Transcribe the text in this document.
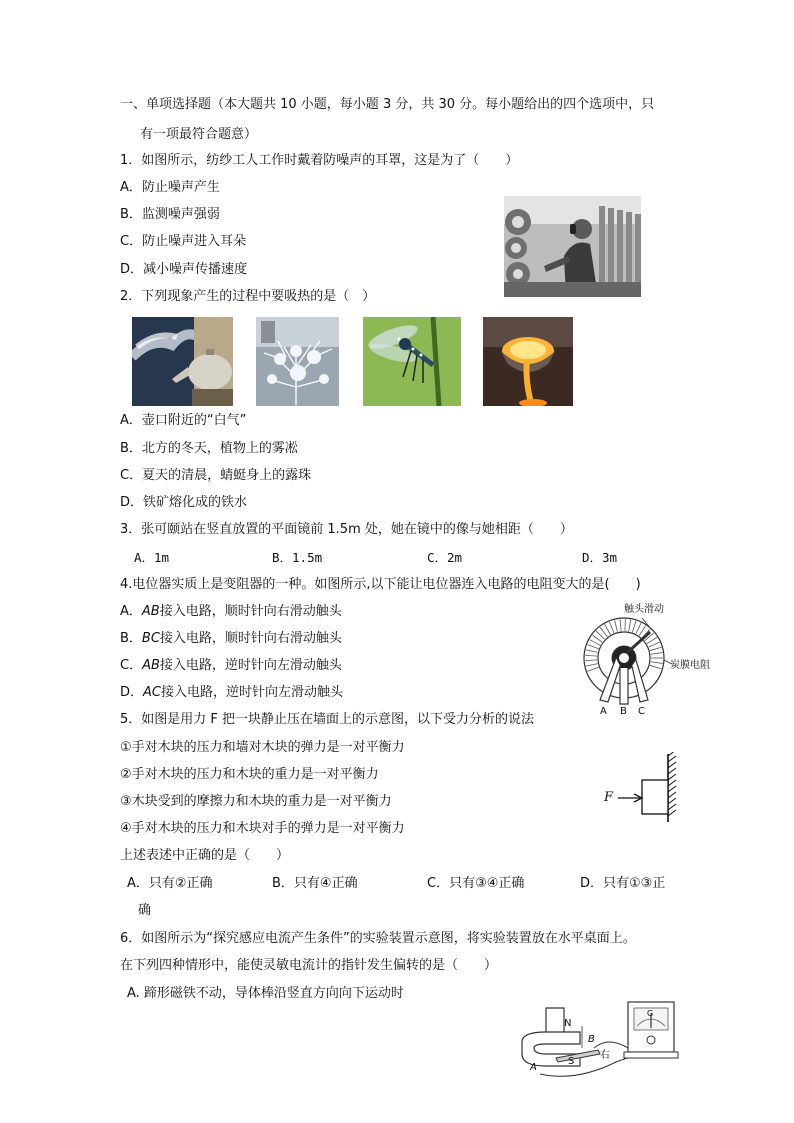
一、单项选择题（本大题共 10 小题，每小题 3 分，共 30 分。每小题给出的四个选项中，只
有一项最符合题意）
1．如图所示，纺纱工人工作时戴着防噪声的耳罩，这是为了（　　）
A．防止噪声产生
B．监测噪声强弱
C．防止噪声进入耳朵
D．减小噪声传播速度
2．下列现象产生的过程中要吸热的是（　）
A．壶口附近的“白气”
B．北方的冬天，植物上的雾凇
C．夏天的清晨，蜻蜓身上的露珠
D．铁矿熔化成的铁水
3．张可颐站在竖直放置的平面镜前 1.5m 处，她在镜中的像与她相距（　　）
A．1m	B．1.5m	C．2m	D．3m
4.电位器实质上是变阻器的一种。如图所示,以下能让电位器连入电路的电阻变大的是(　　)
A．AB接入电路，顺时针向右滑动触头
B．BC接入电路，顺时针向右滑动触头
C．AB接入电路，逆时针向左滑动触头
D．AC接入电路，逆时针向左滑动触头
触头滑动
炭膜电阻
A B C
5．如图是用力 F 把一块静止压在墙面上的示意图，以下受力分析的说法
①手对木块的压力和墙对木块的弹力是一对平衡力
②手对木块的压力和木块的重力是一对平衡力
③木块受到的摩擦力和木块的重力是一对平衡力
④手对木块的压力和木块对手的弹力是一对平衡力
上述表述中正确的是（　　）
A．只有②正确	B．只有④正确	C．只有③④正确	D．只有①③正
确
F
6．如图所示为“探究感应电流产生条件”的实验装置示意图，将实验装置放在水平桌面上。
在下列四种情形中，能使灵敏电流计的指针发生偏转的是（　　）
A. 蹄形磁铁不动，导体棒沿竖直方向向下运动时
N
S
A
B
右
G
